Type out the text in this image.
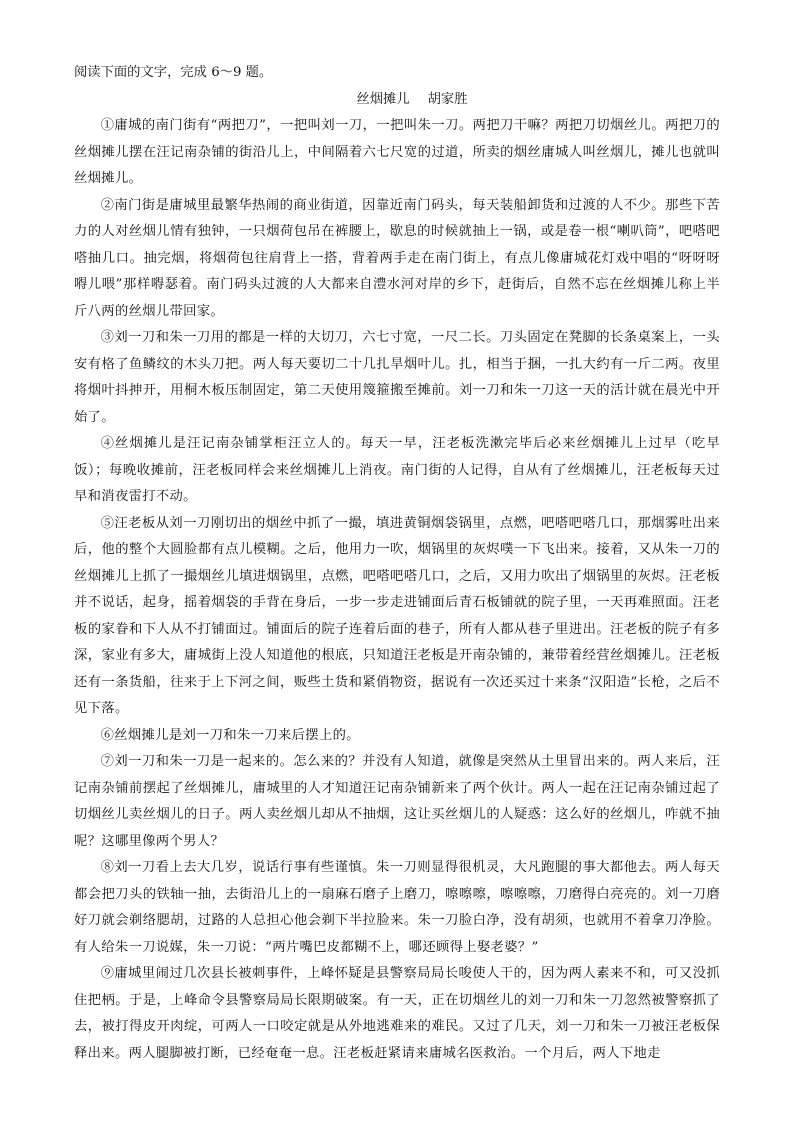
阅读下面的文字，完成 6～9 题。

丝烟摊儿 胡家胜

①庸城的南门街有“两把刀”，一把叫刘一刀，一把叫朱一刀。两把刀干嘛？两把刀切烟丝儿。两把刀的丝烟摊儿摆在汪记南杂铺的街沿儿上，中间隔着六七尺宽的过道，所卖的烟丝庸城人叫丝烟儿，摊儿也就叫丝烟摊儿。

②南门街是庸城里最繁华热闹的商业街道，因靠近南门码头，每天装船卸货和过渡的人不少。那些下苦力的人对丝烟儿情有独钟，一只烟荷包吊在裤腰上，歇息的时候就抽上一锅，或是卷一根“喇叭筒”，吧嗒吧嗒抽几口。抽完烟，将烟荷包往肩背上一搭，背着两手走在南门街上，有点儿像庸城花灯戏中唱的“呀呀呀嘚儿喂”那样嘚瑟着。南门码头过渡的人大都来自澧水河对岸的乡下，赶街后，自然不忘在丝烟摊儿称上半斤八两的丝烟儿带回家。

③刘一刀和朱一刀用的都是一样的大切刀，六七寸宽，一尺二长。刀头固定在凳脚的长条桌案上，一头安有格了鱼鳞纹的木头刀把。两人每天要切二十几扎旱烟叶儿。扎，相当于捆，一扎大约有一斤二两。夜里将烟叶抖抻开，用桐木板压制固定，第二天使用篾箍搬至摊前。刘一刀和朱一刀这一天的活计就在晨光中开始了。

④丝烟摊儿是汪记南杂铺掌柜汪立人的。每天一早，汪老板洗漱完毕后必来丝烟摊儿上过早（吃早饭）；每晚收摊前，汪老板同样会来丝烟摊儿上消夜。南门街的人记得，自从有了丝烟摊儿，汪老板每天过早和消夜雷打不动。

⑤汪老板从刘一刀刚切出的烟丝中抓了一撮，填进黄铜烟袋锅里，点燃，吧嗒吧嗒几口，那烟雾吐出来后，他的整个大圆脸都有点儿模糊。之后，他用力一吹，烟锅里的灰烬噗一下飞出来。接着，又从朱一刀的丝烟摊儿上抓了一撮烟丝儿填进烟锅里，点燃，吧嗒吧嗒几口，之后，又用力吹出了烟锅里的灰烬。汪老板并不说话，起身，摇着烟袋的手背在身后，一步一步走进铺面后青石板铺就的院子里，一天再难照面。汪老板的家眷和下人从不打铺面过。铺面后的院子连着后面的巷子，所有人都从巷子里进出。汪老板的院子有多深，家业有多大，庸城街上没人知道他的根底，只知道汪老板是开南杂铺的，兼带着经营丝烟摊儿。汪老板还有一条货船，往来于上下河之间，贩些土货和紧俏物资，据说有一次还买过十来条“汉阳造”长枪，之后不见下落。

⑥丝烟摊儿是刘一刀和朱一刀来后摆上的。

⑦刘一刀和朱一刀是一起来的。怎么来的？并没有人知道，就像是突然从土里冒出来的。两人来后，汪记南杂铺前摆起了丝烟摊儿，庸城里的人才知道汪记南杂铺新来了两个伙计。两人一起在汪记南杂铺过起了切烟丝儿卖丝烟儿的日子。两人卖丝烟儿却从不抽烟，这让买丝烟儿的人疑惑：这么好的丝烟儿，咋就不抽呢？这哪里像两个男人？

⑧刘一刀看上去大几岁，说话行事有些谨慎。朱一刀则显得很机灵，大凡跑腿的事大都他去。两人每天都会把刀头的铁轴一抽，去街沿儿上的一扇麻石磨子上磨刀，嚓嚓嚓，嚓嚓嚓，刀磨得白亮亮的。刘一刀磨好刀就会剃络腮胡，过路的人总担心他会剃下半拉脸来。朱一刀脸白净，没有胡须，也就用不着拿刀净脸。有人给朱一刀说媒，朱一刀说：“两片嘴巴皮都糊不上，哪还顾得上娶老婆？”

⑨庸城里闹过几次县长被刺事件，上峰怀疑是县警察局局长唆使人干的，因为两人素来不和，可又没抓住把柄。于是，上峰命令县警察局局长限期破案。有一天，正在切烟丝儿的刘一刀和朱一刀忽然被警察抓了去，被打得皮开肉绽，可两人一口咬定就是从外地逃难来的难民。又过了几天，刘一刀和朱一刀被汪老板保释出来。两人腿脚被打断，已经奄奄一息。汪老板赶紧请来庸城名医救治。一个月后，两人下地走
